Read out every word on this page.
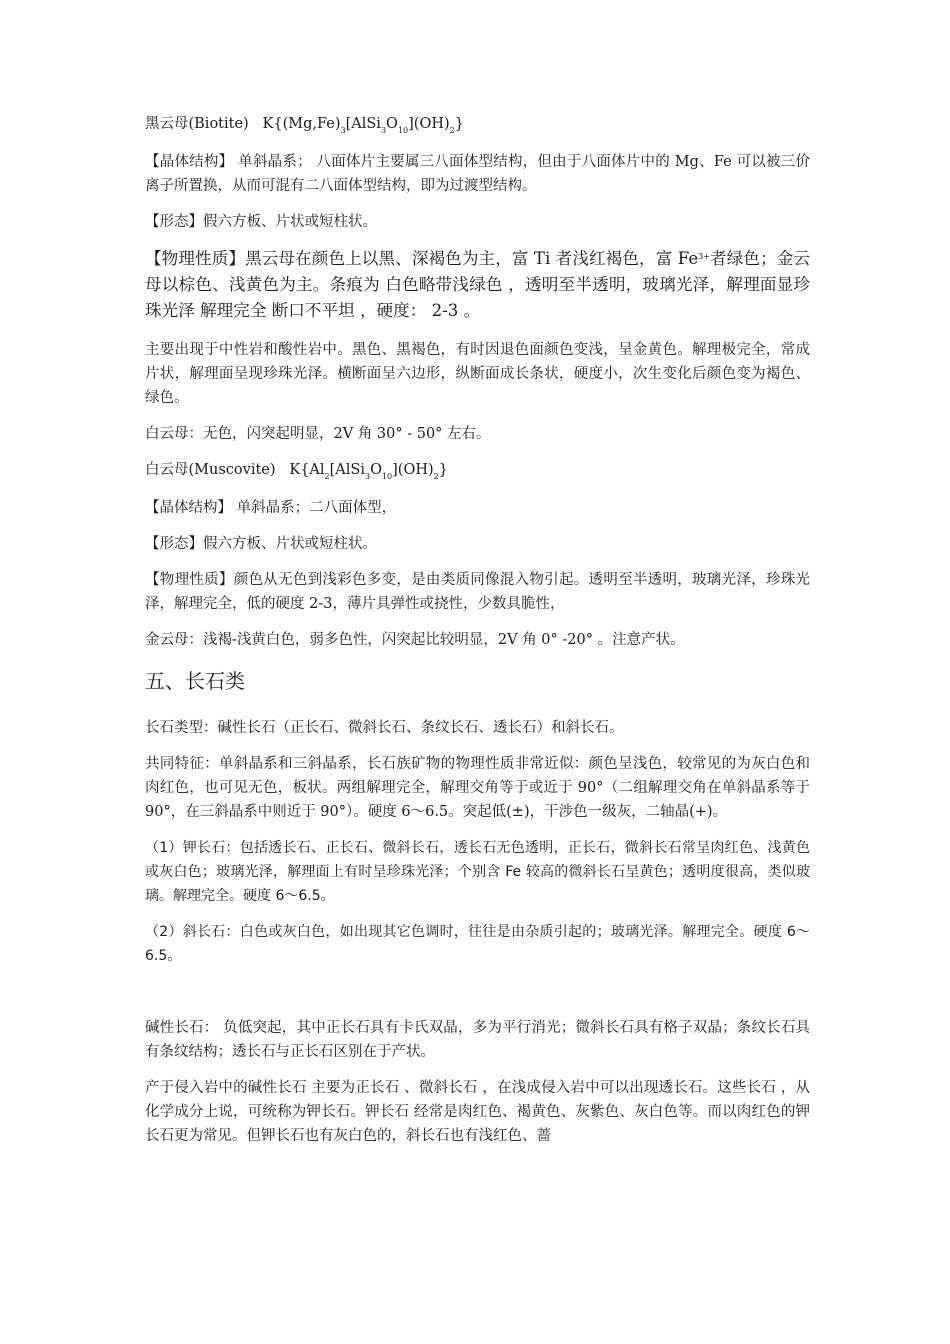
黑云母(Biotite) $K\{(Mg,Fe)_3[AlSi_3O_{10}](OH)_2\}$

【晶体结构】 单斜晶系； 八面体片主要属三八面体型结构，但由于八面体片中的 Mg、Fe 可以被三价离子所置换，从而可混有二八面体型结构，即为过渡型结构。

【形态】假六方板、片状或短柱状。

【物理性质】黑云母在颜色上以黑、深褐色为主，富 Ti 者浅红褐色，富 $Fe^{3+}$者绿色；金云母以棕色、浅黄色为主。条痕为 白色略带浅绿色 ，透明至半透明，玻璃光泽，解理面显珍珠光泽 解理完全 断口不平坦 ，硬度： 2-3 。

主要出现于中性岩和酸性岩中。黑色、黑褐色，有时因退色面颜色变浅，呈金黄色。解理极完全，常成片状，解理面呈现珍珠光泽。横断面呈六边形，纵断面成长条状，硬度小，次生变化后颜色变为褐色、绿色。

白云母：无色，闪突起明显，2V 角 30° - 50° 左右。

白云母(Muscovite) $K\{Al_2[AlSi_3O_{10}](OH)_2\}$

【晶体结构】 单斜晶系；二八面体型，

【形态】假六方板、片状或短柱状。

【物理性质】颜色从无色到浅彩色多变，是由类质同像混入物引起。透明至半透明，玻璃光泽，珍珠光泽，解理完全，低的硬度 2-3，薄片具弹性或挠性，少数具脆性，

金云母：浅褐-浅黄白色，弱多色性，闪突起比较明显，2V 角 0° -20° 。注意产状。

五、长石类

长石类型：碱性长石（正长石、微斜长石、条纹长石、透长石）和斜长石。

共同特征：单斜晶系和三斜晶系，长石族矿物的物理性质非常近似：颜色呈浅色，较常见的为灰白色和肉红色，也可见无色，板状。两组解理完全，解理交角等于或近于 90°（二组解理交角在单斜晶系等于 90°，在三斜晶系中则近于 90°）。硬度 6～6.5。突起低(±)，干涉色一级灰，二轴晶(+)。

（1）钾长石：包括透长石、正长石、微斜长石，透长石无色透明，正长石，微斜长石常呈肉红色、浅黄色或灰白色；玻璃光泽，解理面上有时呈珍珠光泽；个别含 Fe 较高的微斜长石呈黄色；透明度很高，类似玻璃。解理完全。硬度 6～6.5。

（2）斜长石：白色或灰白色，如出现其它色调时，往往是由杂质引起的；玻璃光泽。解理完全。硬度 6～6.5。

碱性长石： 负低突起，其中正长石具有卡氏双晶，多为平行消光；微斜长石具有格子双晶；条纹长石具有条纹结构；透长石与正长石区别在于产状。

产于侵入岩中的碱性长石 主要为正长石 、微斜长石 ，在浅成侵入岩中可以出现透长石。这些长石 ，从化学成分上说，可统称为钾长石。钾长石 经常是肉红色、褐黄色、灰紫色、灰白色等。而以肉红色的钾长石更为常见。但钾长石也有灰白色的，斜长石也有浅红色、蔷
